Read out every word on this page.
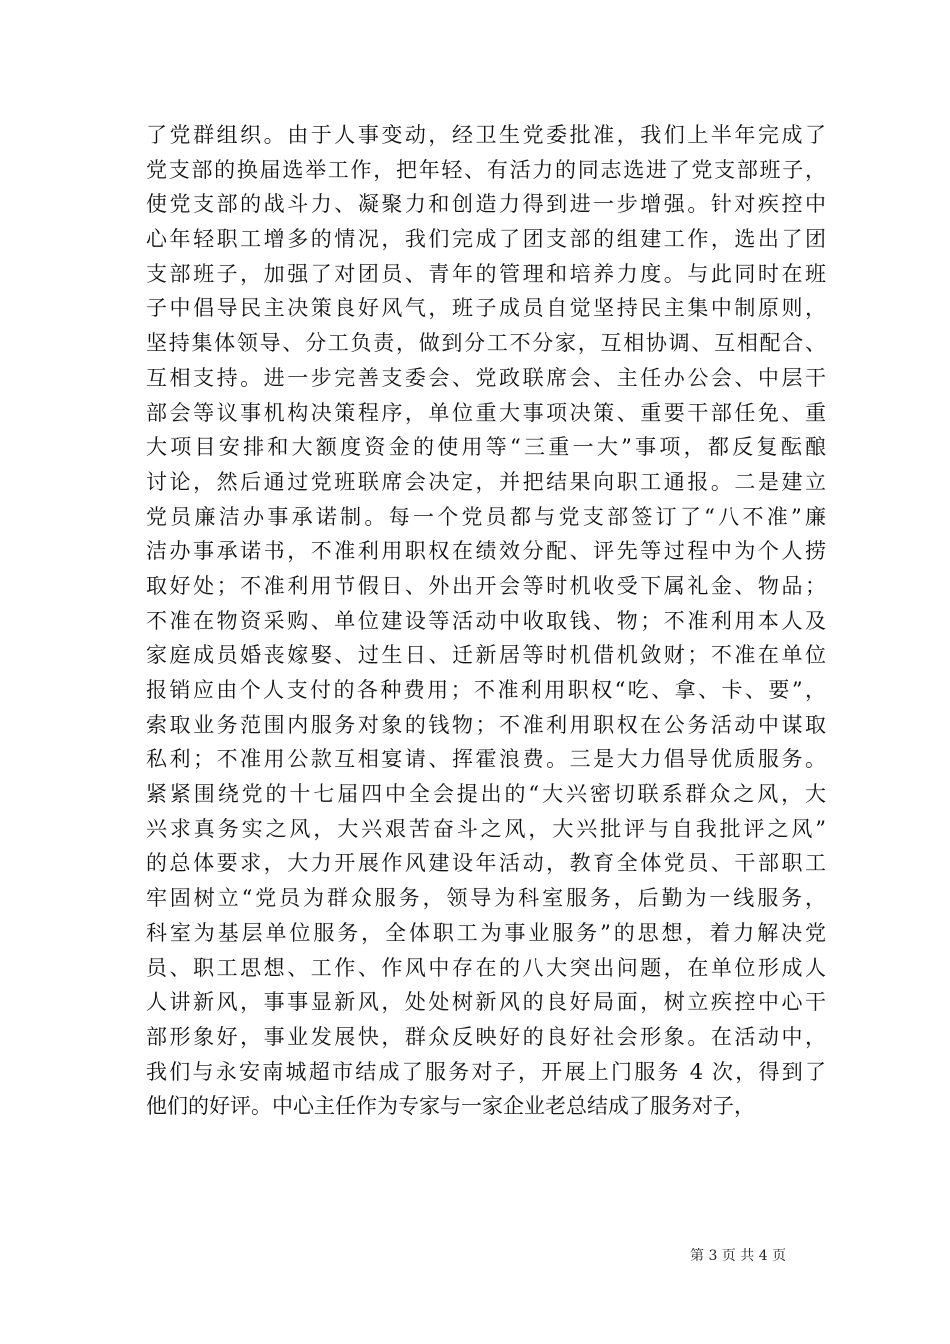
了党群组织。由于人事变动，经卫生党委批准，我们上半年完成了
党支部的换届选举工作，把年轻、有活力的同志选进了党支部班子，
使党支部的战斗力、凝聚力和创造力得到进一步增强。针对疾控中
心年轻职工增多的情况，我们完成了团支部的组建工作，选出了团
支部班子，加强了对团员、青年的管理和培养力度。与此同时在班
子中倡导民主决策良好风气，班子成员自觉坚持民主集中制原则，
坚持集体领导、分工负责，做到分工不分家，互相协调、互相配合、
互相支持。进一步完善支委会、党政联席会、主任办公会、中层干
部会等议事机构决策程序，单位重大事项决策、重要干部任免、重
大项目安排和大额度资金的使用等“三重一大”事项，都反复酝酿
讨论，然后通过党班联席会决定，并把结果向职工通报。二是建立
党员廉洁办事承诺制。每一个党员都与党支部签订了“八不准”廉
洁办事承诺书，不准利用职权在绩效分配、评先等过程中为个人捞
取好处；不准利用节假日、外出开会等时机收受下属礼金、物品；
不准在物资采购、单位建设等活动中收取钱、物；不准利用本人及
家庭成员婚丧嫁娶、过生日、迁新居等时机借机敛财；不准在单位
报销应由个人支付的各种费用；不准利用职权“吃、拿、卡、要”，
索取业务范围内服务对象的钱物；不准利用职权在公务活动中谋取
私利；不准用公款互相宴请、挥霍浪费。三是大力倡导优质服务。
紧紧围绕党的十七届四中全会提出的“大兴密切联系群众之风，大
兴求真务实之风，大兴艰苦奋斗之风，大兴批评与自我批评之风”
的总体要求，大力开展作风建设年活动，教育全体党员、干部职工
牢固树立“党员为群众服务，领导为科室服务，后勤为一线服务，
科室为基层单位服务，全体职工为事业服务”的思想，着力解决党
员、职工思想、工作、作风中存在的八大突出问题，在单位形成人
人讲新风，事事显新风，处处树新风的良好局面，树立疾控中心干
部形象好，事业发展快，群众反映好的良好社会形象。在活动中，
我们与永安南城超市结成了服务对子，开展上门服务 4 次，得到了
他们的好评。中心主任作为专家与一家企业老总结成了服务对子，
第 3 页 共 4 页
